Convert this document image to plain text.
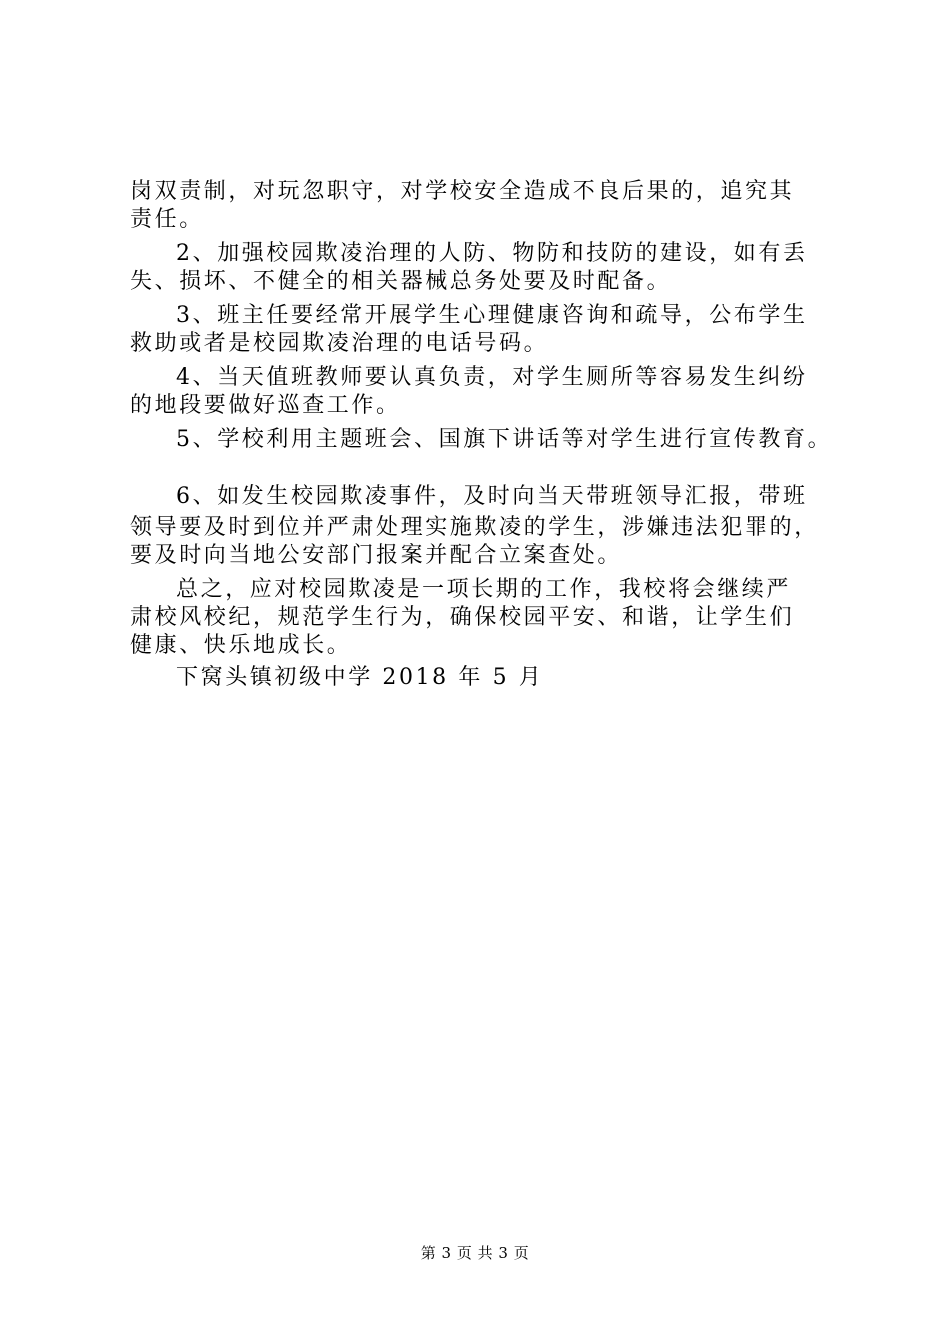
岗双责制，对玩忽职守，对学校安全造成不良后果的，追究其
责任。
2、加强校园欺凌治理的人防、物防和技防的建设，如有丢
失、损坏、不健全的相关器械总务处要及时配备。
3、班主任要经常开展学生心理健康咨询和疏导，公布学生
救助或者是校园欺凌治理的电话号码。
4、当天值班教师要认真负责，对学生厕所等容易发生纠纷
的地段要做好巡查工作。
5、学校利用主题班会、国旗下讲话等对学生进行宣传教育。
6、如发生校园欺凌事件，及时向当天带班领导汇报，带班
领导要及时到位并严肃处理实施欺凌的学生，涉嫌违法犯罪的，
要及时向当地公安部门报案并配合立案查处。
总之，应对校园欺凌是一项长期的工作，我校将会继续严
肃校风校纪，规范学生行为，确保校园平安、和谐，让学生们
健康、快乐地成长。
下窝头镇初级中学 2018 年 5 月
第 3 页 共 3 页
